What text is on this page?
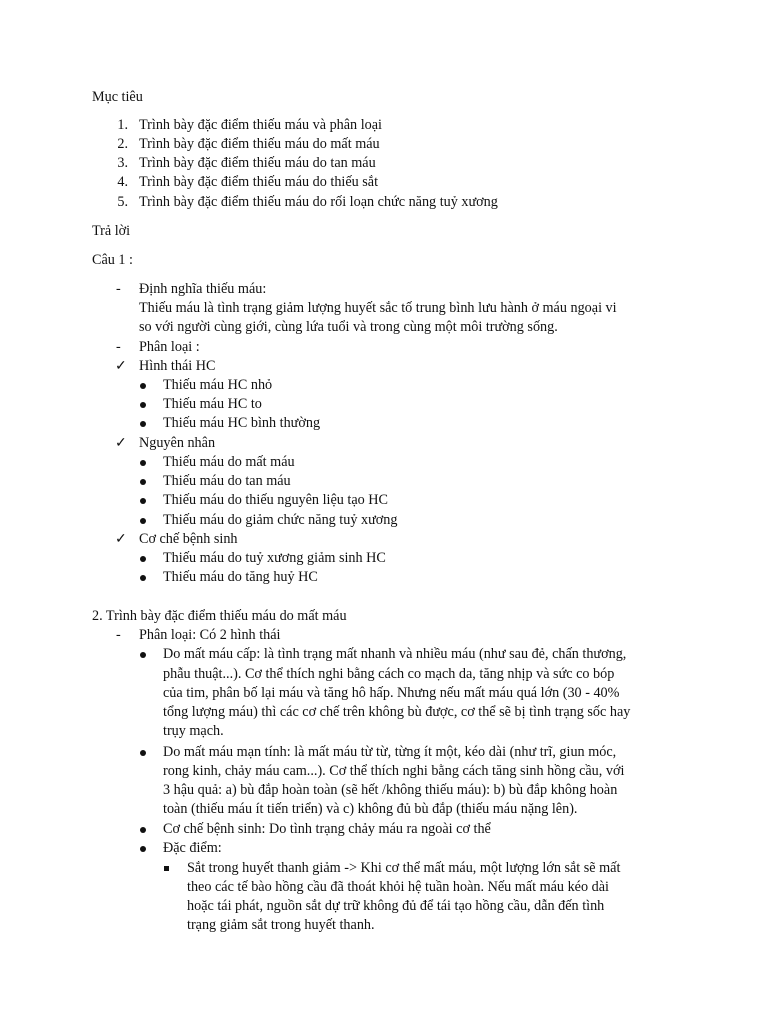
Mục tiêu
1. Trình bày đặc điểm thiếu máu và phân loại
2. Trình bày đặc điểm thiếu máu do mất máu
3. Trình bày đặc điểm thiếu máu do tan máu
4. Trình bày đặc điểm thiếu máu do thiếu sắt
5. Trình bày đặc điểm thiếu máu do rối loạn chức năng tuỷ xương
Trả lời
Câu 1 :
- Định nghĩa thiếu máu:
Thiếu máu là tình trạng giảm lượng huyết sắc tố trung bình lưu hành ở máu ngoại vi
so với người cùng giới, cùng lứa tuổi và trong cùng một môi trường sống.
- Phân loại :
✓ Hình thái HC
Thiếu máu HC nhỏ
Thiếu máu HC to
Thiếu máu HC bình thường
✓ Nguyên nhân
Thiếu máu do mất máu
Thiếu máu do tan máu
Thiếu máu do thiếu nguyên liệu tạo HC
Thiếu máu do giảm chức năng tuỷ xương
✓ Cơ chế bệnh sinh
Thiếu máu do tuỷ xương giảm sinh HC
Thiếu máu do tăng huỷ HC
2. Trình bày đặc điểm thiếu máu do mất máu
- Phân loại: Có 2 hình thái
Do mất máu cấp: là tình trạng mất nhanh và nhiều máu (như sau đẻ, chấn thương,
phẫu thuật...). Cơ thể thích nghi bằng cách co mạch da, tăng nhịp và sức co bóp
của tim, phân bố lại máu và tăng hô hấp. Nhưng nếu mất máu quá lớn (30 - 40%
tổng lượng máu) thì các cơ chế trên không bù được, cơ thể sẽ bị tình trạng sốc hay
trụy mạch.
Do mất máu mạn tính: là mất máu từ từ, từng ít một, kéo dài (như trĩ, giun móc,
rong kinh, chảy máu cam...). Cơ thể thích nghi bằng cách tăng sinh hồng cầu, với
3 hậu quả: a) bù đắp hoàn toàn (sẽ hết /không thiếu máu): b) bù đắp không hoàn
toàn (thiếu máu ít tiến triển) và c) không đủ bù đắp (thiếu máu nặng lên).
Cơ chế bệnh sinh: Do tình trạng chảy máu ra ngoài cơ thể
Đặc điểm:
Sắt trong huyết thanh giảm -> Khi cơ thể mất máu, một lượng lớn sắt sẽ mất
theo các tế bào hồng cầu đã thoát khỏi hệ tuần hoàn. Nếu mất máu kéo dài
hoặc tái phát, nguồn sắt dự trữ không đủ để tái tạo hồng cầu, dẫn đến tình
trạng giảm sắt trong huyết thanh.
